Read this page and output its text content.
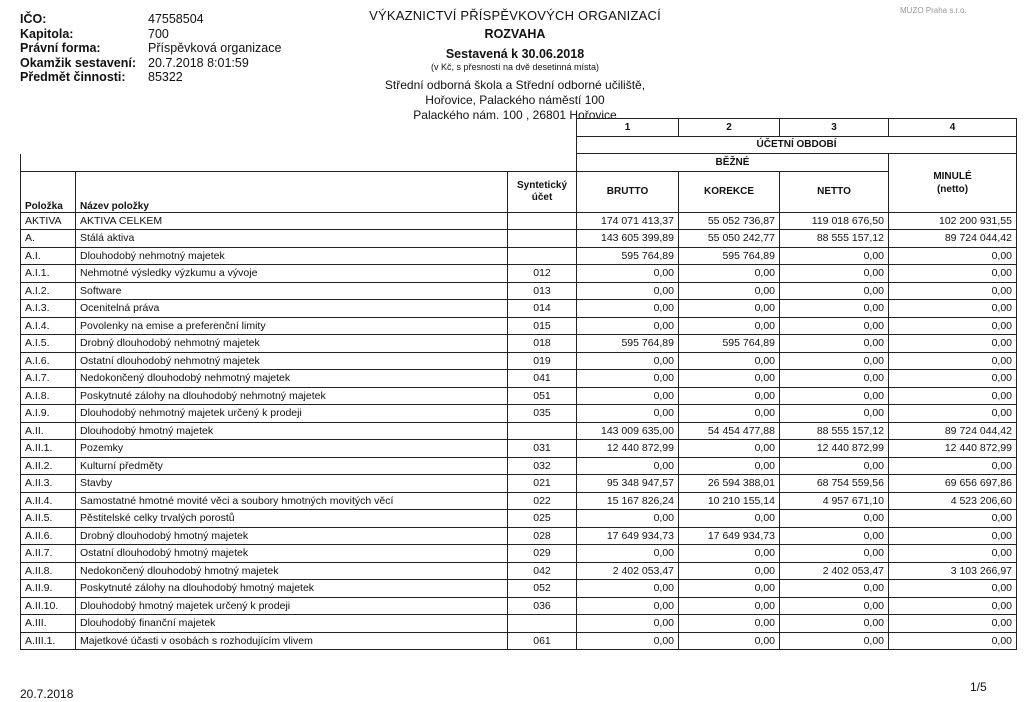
IČO:	47558504
Kapitola:	700
Právní forma:	Příspěvková organizace
Okamžik sestavení: 20.7.2018 8:01:59
Předmět činnosti:	85322
VÝKAZNICTVÍ PŘÍSPĚVKOVÝCH ORGANIZACÍ
ROZVAHA
Sestavená k 30.06.2018
(v Kč, s přesností na dvě desetinná místa)
Střední odborná škola a Střední odborné učiliště,
Hořovice, Palackého náměstí 100
Palackého nám. 100 , 26801 Hořovice
MUZO Praha s.r.o.
			1	2	3	4
			ÚČETNÍ OBDOBÍ			
			BĚŽNÉ			MINULÉ
(netto)

Položka	Název položky	Syntetický
účet	BRUTTO	KOREKCE	NETTO	
AKTIVA	AKTIVA CELKEM		174 071 413,37	55 052 736,87	119 018 676,50	102 200 931,55
A.	Stálá aktiva		143 605 399,89	55 050 242,77	88 555 157,12	89 724 044,42
A.I.	Dlouhodobý nehmotný majetek		595 764,89	595 764,89	0,00	0,00
A.I.1.	Nehmotné výsledky výzkumu a vývoje	012	0,00	0,00	0,00	0,00
A.I.2.	Software	013	0,00	0,00	0,00	0,00
A.I.3.	Ocenitelná práva	014	0,00	0,00	0,00	0,00
A.I.4.	Povolenky na emise a preferenční limity	015	0,00	0,00	0,00	0,00
A.I.5.	Drobný dlouhodobý nehmotný majetek	018	595 764,89	595 764,89	0,00	0,00
A.I.6.	Ostatní dlouhodobý nehmotný majetek	019	0,00	0,00	0,00	0,00
A.I.7.	Nedokončený dlouhodobý nehmotný majetek	041	0,00	0,00	0,00	0,00
A.I.8.	Poskytnuté zálohy na dlouhodobý nehmotný majetek	051	0,00	0,00	0,00	0,00
A.I.9.	Dlouhodobý nehmotný majetek určený k prodeji	035	0,00	0,00	0,00	0,00
A.II.	Dlouhodobý hmotný majetek		143 009 635,00	54 454 477,88	88 555 157,12	89 724 044,42
A.II.1.	Pozemky	031	12 440 872,99	0,00	12 440 872,99	12 440 872,99
A.II.2.	Kulturní předměty	032	0,00	0,00	0,00	0,00
A.II.3.	Stavby	021	95 348 947,57	26 594 388,01	68 754 559,56	69 656 697,86
A.II.4.	Samostatné hmotné movité věci a soubory hmotných movitých věcí	022	15 167 826,24	10 210 155,14	4 957 671,10	4 523 206,60
A.II.5.	Pěstitelské celky trvalých porostů	025	0,00	0,00	0,00	0,00
A.II.6.	Drobný dlouhodobý hmotný majetek	028	17 649 934,73	17 649 934,73	0,00	0,00
A.II.7.	Ostatní dlouhodobý hmotný majetek	029	0,00	0,00	0,00	0,00
A.II.8.	Nedokončený dlouhodobý hmotný majetek	042	2 402 053,47	0,00	2 402 053,47	3 103 266,97
A.II.9.	Poskytnuté zálohy na dlouhodobý hmotný majetek	052	0,00	0,00	0,00	0,00
A.II.10.	Dlouhodobý hmotný majetek určený k prodeji	036	0,00	0,00	0,00	0,00
A.III.	Dlouhodobý finanční majetek		0,00	0,00	0,00	0,00
A.III.1.	Majetkové účasti v osobách s rozhodujícím vlivem	061	0,00	0,00	0,00	0,00
20.7.2018	1/5
